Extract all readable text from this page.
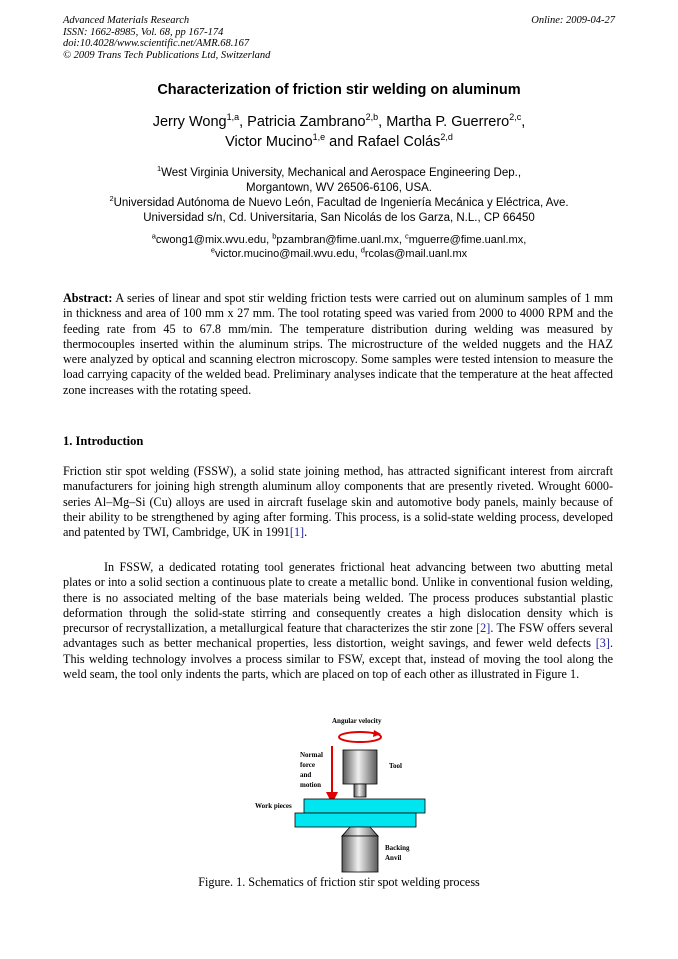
Advanced Materials Research
ISSN: 1662-8985, Vol. 68, pp 167-174
doi:10.4028/www.scientific.net/AMR.68.167
© 2009 Trans Tech Publications Ltd, Switzerland
Online: 2009-04-27
Characterization of friction stir welding on aluminum
Jerry Wong$^{1,a}$, Patricia Zambrano$^{2,b}$, Martha P. Guerrero$^{2,c}$,
Victor Mucino$^{1,e}$ and Rafael Colás$^{2,d}$
$^1$West Virginia University, Mechanical and Aerospace Engineering Dep.,
Morgantown, WV 26506-6106, USA.
$^2$Universidad Autónoma de Nuevo León, Facultad de Ingeniería Mecánica y Eléctrica, Ave.
Universidad s/n, Cd. Universitaria, San Nicolás de los Garza, N.L., CP 66450
$^a$cwong1@mix.wvu.edu, $^b$pzambran@fime.uanl.mx, $^c$mguerre@fime.uanl.mx,
$^e$victor.mucino@mail.wvu.edu, $^d$rcolas@mail.uanl.mx
Abstract: A series of linear and spot stir welding friction tests were carried out on aluminum samples of 1 mm in thickness and area of 100 mm x 27 mm. The tool rotating speed was varied from 2000 to 4000 RPM and the feeding rate from 45 to 67.8 mm/min. The temperature distribution during welding was measured by thermocouples inserted within the aluminum strips. The microstructure of the welded nuggets and the HAZ were analyzed by optical and scanning electron microscopy. Some samples were tested intension to measure the load carrying capacity of the welded bead. Preliminary analyses indicate that the temperature at the heat affected zone increases with the rotating speed.
1. Introduction
Friction stir spot welding (FSSW), a solid state joining method, has attracted significant interest from aircraft manufacturers for joining high strength aluminum alloy components that are presently riveted. Wrought 6000-series Al–Mg–Si (Cu) alloys are used in aircraft fuselage skin and automotive body panels, mainly because of their ability to be strengthened by aging after forming. This process, is a solid-state welding process, developed and patented by TWI, Cambridge, UK in 1991[1].
In FSSW, a dedicated rotating tool generates frictional heat advancing between two abutting metal plates or into a solid section a continuous plate to create a metallic bond. Unlike in conventional fusion welding, there is no associated melting of the base materials being welded. The process produces substantial plastic deformation through the solid-state stirring and consequently creates a high dislocation density which is precursor of recrystallization, a metallurgical feature that characterizes the stir zone [2]. The FSW offers several advantages such as better mechanical properties, less distortion, weight savings, and fewer weld defects [3]. This welding technology involves a process similar to FSW, except that, instead of moving the tool along the weld seam, the tool only indents the parts, which are placed on top of each other as illustrated in Figure 1.
Angular velocity
Tool
Normal force and motion
Work pieces
Backing Anvil
Figure. 1. Schematics of friction stir spot welding process
